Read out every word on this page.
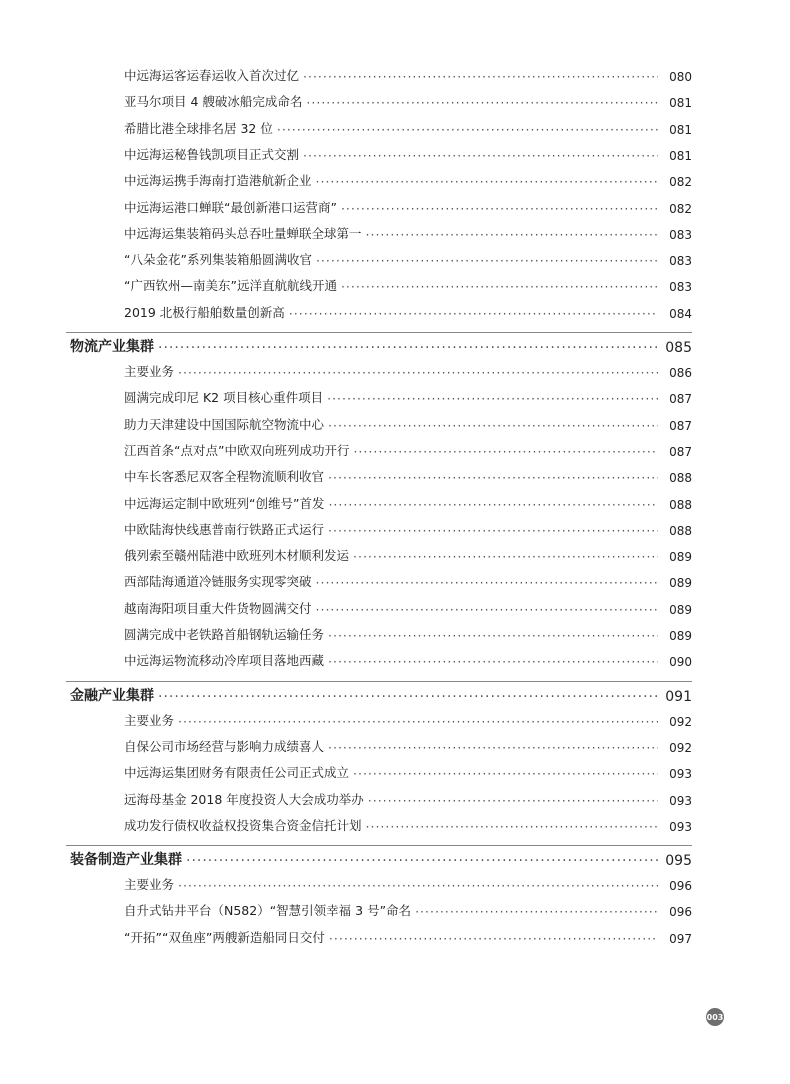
中远海运客运春运收入首次过亿 ·····	080
亚马尔项目 4 艘破冰船完成命名 ·····	081
希腊比港全球排名居 32 位 ·····	081
中远海运秘鲁钱凯项目正式交割 ·····	081
中远海运携手海南打造港航新企业 ·····	082
中远海运港口蝉联“最创新港口运营商” ·····	082
中远海运集装箱码头总吞吐量蝉联全球第一 ·····	083
“八朵金花”系列集装箱船圆满收官 ·····	083
“广西钦州—南美东”远洋直航航线开通 ·····	083
2019 北极行船舶数量创新高 ·····	084
物流产业集群 ·····	085
主要业务 ·····	086
圆满完成印尼 K2 项目核心重件项目 ·····	087
助力天津建设中国国际航空物流中心 ·····	087
江西首条“点对点”中欧双向班列成功开行 ·····	087
中车长客悉尼双客全程物流顺利收官 ·····	088
中远海运定制中欧班列“创维号”首发 ·····	088
中欧陆海快线惠普南行铁路正式运行 ·····	088
俄列索至赣州陆港中欧班列木材顺利发运 ·····	089
西部陆海通道冷链服务实现零突破 ·····	089
越南海阳项目重大件货物圆满交付 ·····	089
圆满完成中老铁路首船钢轨运输任务 ·····	089
中远海运物流移动冷库项目落地西藏 ·····	090
金融产业集群 ·····	091
主要业务 ·····	092
自保公司市场经营与影响力成绩喜人 ·····	092
中远海运集团财务有限责任公司正式成立 ·····	093
远海母基金 2018 年度投资人大会成功举办 ·····	093
成功发行债权收益权投资集合资金信托计划 ·····	093
装备制造产业集群 ·····	095
主要业务 ·····	096
自升式钻井平台（N582）“智慧引领幸福 3 号”命名 ·····	096
“开拓”“双鱼座”两艘新造船同日交付 ·····	097
003
